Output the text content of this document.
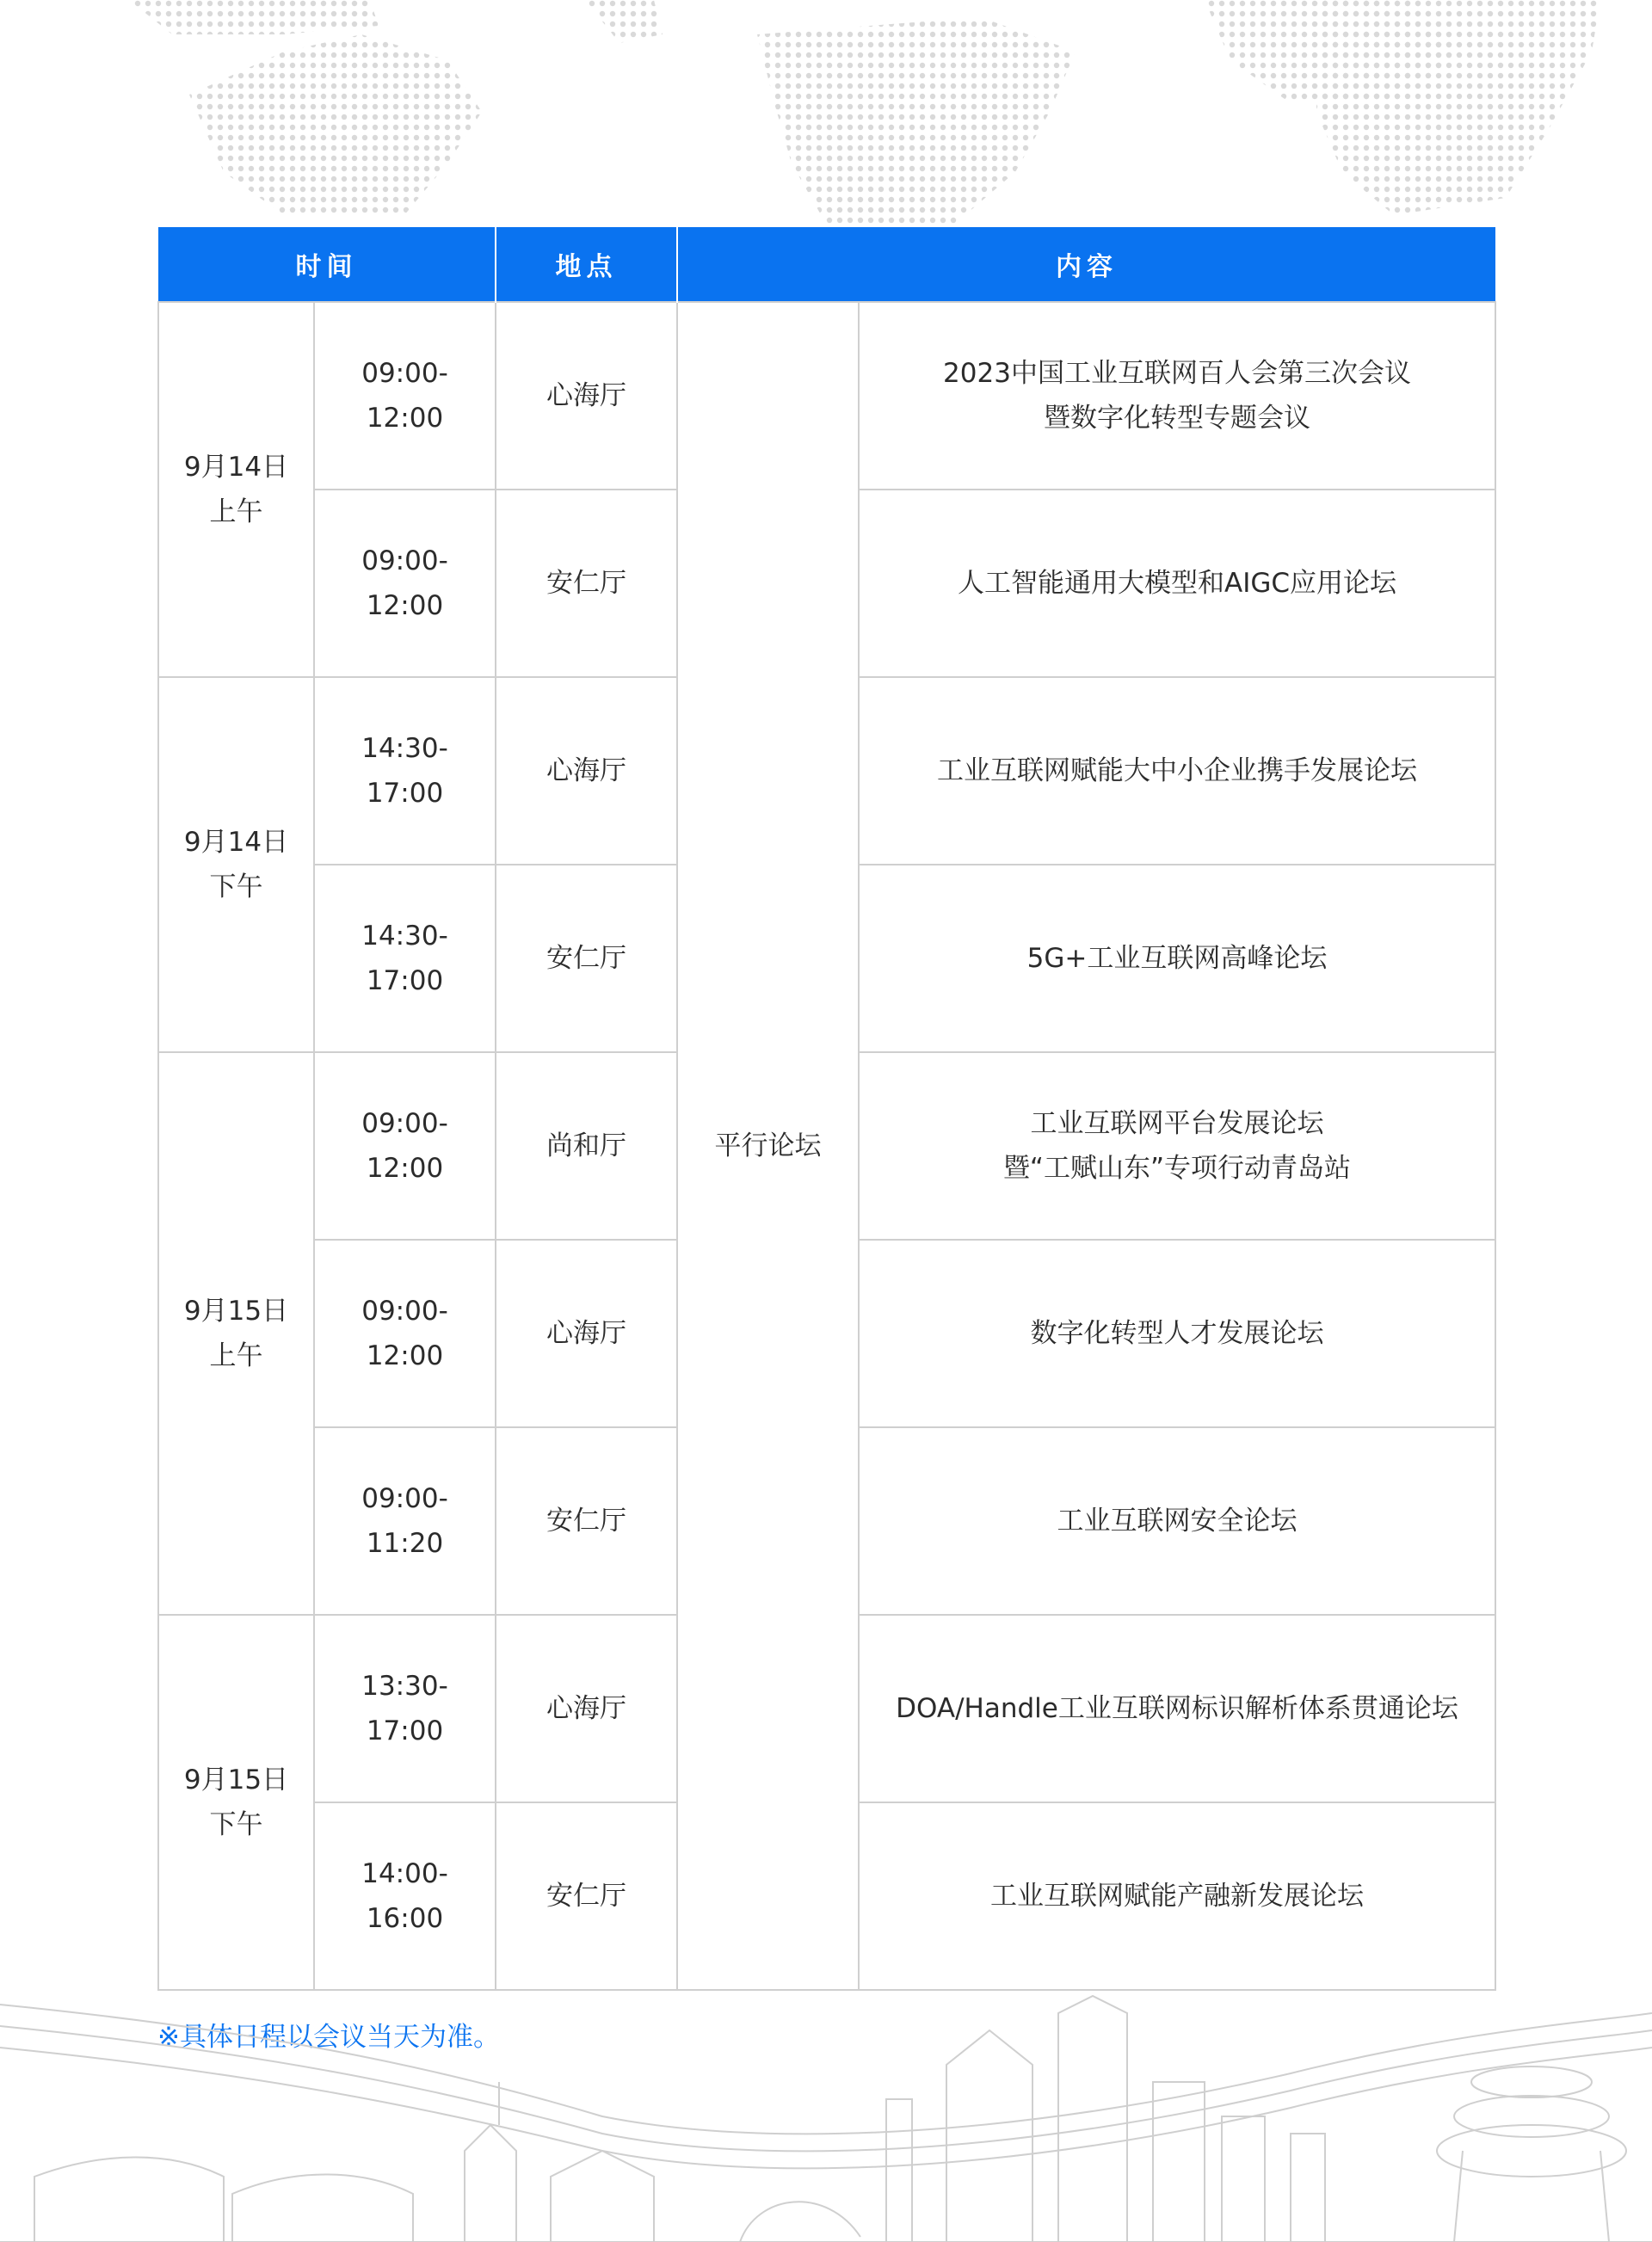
时间		地点	内容	

9月14日
上午	09:00-12:00	心海厅	平行论坛	2023中国工业互联网百人会第三次会议
暨数字化转型专题会议

	09:00-12:00	安仁厅		人工智能通用大模型和AIGC应用论坛

9月14日
下午	14:30-17:00	心海厅		工业互联网赋能大中小企业携手发展论坛
	14:30-17:00	安仁厅		5G+工业互联网高峰论坛

9月15日
上午	09:00-12:00	尚和厅		工业互联网平台发展论坛
暨“工赋山东”专项行动青岛站

	09:00-12:00	心海厅		数字化转型人才发展论坛
	09:00-11:20	安仁厅		工业互联网安全论坛

9月15日
下午	13:30-17:00	心海厅		DOA/Handle工业互联网标识解析体系贯通论坛
	14:00-16:00	安仁厅		工业互联网赋能产融新发展论坛
※具体日程以会议当天为准。
